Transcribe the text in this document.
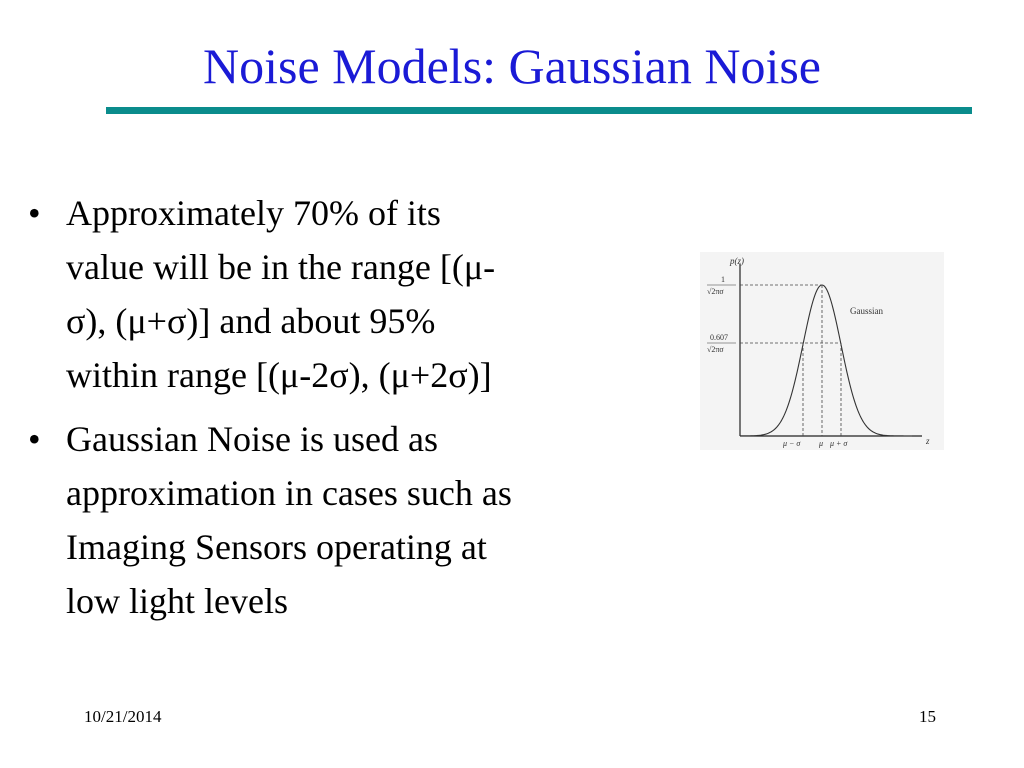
Noise Models: Gaussian Noise
• Approximately 70% of its
value will be in the range [(μ-
σ), (μ+σ)] and about 95%
within range [(μ-2σ), (μ+2σ)]
• Gaussian Noise is used as
approximation in cases such as
Imaging Sensors operating at
low light levels
p(z)
z
Gaussian
1
√2πσ
0.607
√2πσ
μ − σ μ μ + σ
10/21/2014	15
